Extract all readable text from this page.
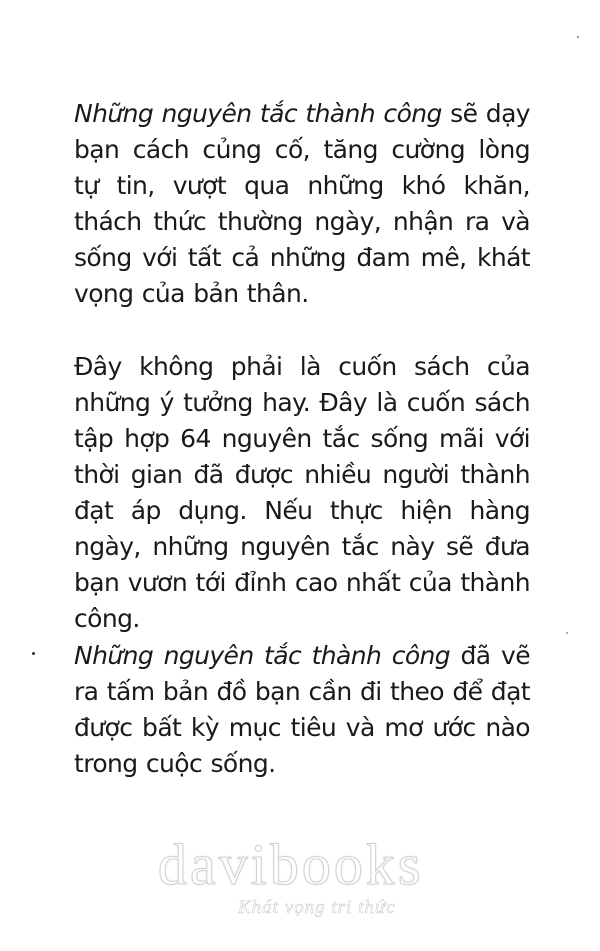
Những nguyên tắc thành công sẽ dạy bạn cách củng cố, tăng cường lòng tự tin, vượt qua những khó khăn, thách thức thường ngày, nhận ra và sống với tất cả những đam mê, khát vọng của bản thân.

Đây không phải là cuốn sách của những ý tưởng hay. Đây là cuốn sách tập hợp 64 nguyên tắc sống mãi với thời gian đã được nhiều người thành đạt áp dụng. Nếu thực hiện hàng ngày, những nguyên tắc này sẽ đưa bạn vươn tới đỉnh cao nhất của thành công.

Những nguyên tắc thành công đã vẽ ra tấm bản đồ bạn cần đi theo để đạt được bất kỳ mục tiêu và mơ ước nào trong cuộc sống.

davibooks
Khát vọng tri thức
